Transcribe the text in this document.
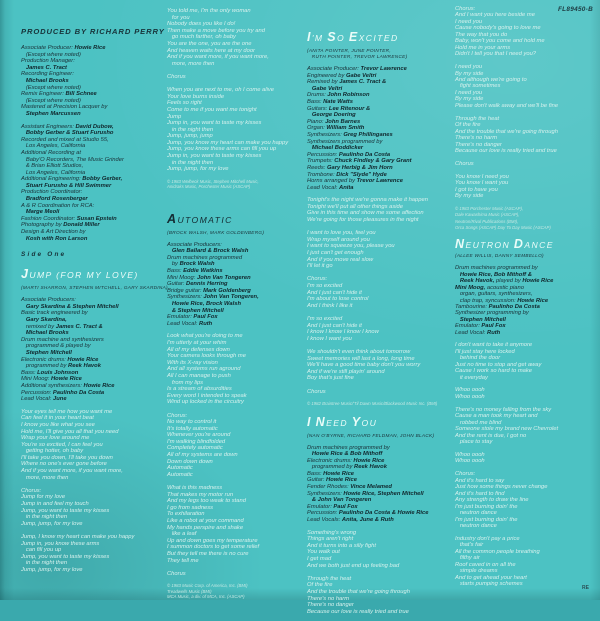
FL89450-B
PRODUCED BY RICHARD PERRY
Associate Producer: Howie Rice
(Except where noted)
Production Manager:
James C. Tract
Recording Engineer:
Michael Brooks
(Except where noted)
Remix Engineer: Bill Schnee
(Except where noted)
Mastered at Precision Lacquer by
Stephen Marcussen
Assistant Engineers: David Dubow,
Bobby Gerber & Stuart Furusho
Recorded and mixed at Studio 55,
Los Angeles, California
Additional Recording at
Baby'O Recorders, The Music Grinder
& Brian Elliott Studios,
Los Angeles, California
Additional Engineering: Bobby Gerber,
Stuart Furusho & Hill Swimmer
Production Coordinator:
Bradford Rosenberger
A & R Coordination for RCA:
Marge Meoli
Fashion Coordinator: Susan Epstein
Photography by Donald Miller
Design & Art Direction by
Kosh with Ron Larson
Side One
JUMP (FOR MY LOVE)
(MARTI SHARRON, STEPHEN MITCHELL, GARY SKARDINA)
Associate Producers:
Gary Skardina & Stephen Mitchell
Basic track engineered by
Gary Skardina,
remixed by James C. Tract &
Michael Brooks
Drum machine and synthesizers
programmed & played by
Stephen Mitchell
Electronic drums: Howie Rice
programmed by Reek Havok
Bass: Louis Johnson
Mini Moog: Howie Rice
Additional synthesizers: Howie Rice
Percussion: Paulinho Da Costa
Lead Vocal: June
Your eyes tell me how you want me
Can feel it in your heart beat
I know you like what you see
Hold me, I'll give you all that you need
Wrap your love around me
You're so excited, I can feel you
getting hotter, oh baby
I'll take you down, I'll take you down
Where no one's ever gone before
And if you want more, if you want more,
more, more then

Chorus:
Jump for my love
Jump in and feel my touch
Jump, you want to taste my kisses
in the night then
Jump, jump, for my love

Jump, I know my heart can make you happy
Jump in, you know these arms
can fill you up
Jump, you want to taste my kisses
in the night then
Jump, jump, for my love
You told me, I'm the only woman
for you
Nobody does you like I do!
Then make a move before you try and
go much farther, oh baby
You are the one, you are the one
And heaven waits here at my door
And if you want more, if you want more,
more, more then

Chorus

When you are next to me, oh I come alive
Your love burns inside
Feels so right
Come to me if you want me tonight
Jump
Jump in, you want to taste my kisses
in the night then
Jump, jump, jump
Jump, you know my heart can make you happy
Jump, you know these arms can fill you up
Jump in, you want to taste my kisses
in the night then
Jump, jump, for my love
© 1983 Welbeck Music, Stephen Mitchell Music,
Anidraks Music, Porchester Music (ASCAP)
AUTOMATIC
(BROCK WALSH, MARK GOLDENBERG)
Associate Producers:
Glen Ballard & Brock Walsh
Drum machines programmed
by Brock Walsh
Bass: Eddie Watkins
Mini Moog: John Van Tongeren
Guitar: Dennis Herring
Bridge guitar: Mark Goldenberg
Synthesizers: John Van Tongeren,
Howie Rice, Brock Walsh
& Stephen Mitchell
Emulator: Paul Fox
Lead Vocal: Ruth
Look what you're doing to me
I'm utterly at your whim
All of my defenses down
Your camera looks through me
With its X-ray vision
And all systems run aground
All I can manage to push
from my lips
Is a stream of absurdities
Every word I intended to speak
Wind up locked in the circuitry

Chorus:
No way to control it
It's totally automatic
Whenever you're around
I'm walking blindfolded
Completely automatic
All of my systems are down
Down down down
Automatic
Automatic

What is this madness
That makes my motor run
And my legs too weak to stand
I go from sadness
To exhilaration
Like a robot at your command
My hands perspire and shake
like a leaf
Up and down goes my temperature
I summon doctors to get some relief
But they tell me there is no cure
They tell me

Chorus
© 1983 Music Corp. of America, Inc. (BMI)
Treadwells Music (BMI)
MCA Music, a div. of MCA, Inc. (ASCAP)
I'M SO EXCITED
(ANITA POINTER, JUNE POINTER,
RUTH POINTER, TREVOR LAWRENCE)
Associate Producer: Trevor Lawrence
Engineered by Gabe Veltri
Remixed by James C. Tract &
Gabe Veltri
Drums: John Robinson
Bass: Nate Watts
Guitars: Lee Ritenour &
George Doering
Piano: John Barnes
Organ: William Smith
Synthesizers: Greg Phillinganes
Synthesizers programmed by
Michael Boddicker
Percussion: Paulinho Da Costa
Trumpets: Chuck Findley & Gary Grant
Reeds: Gary Herbig & Jim Horn
Trombone: Dick "Slyde" Hyde
Horns arranged by Trevor Lawrence
Lead Vocal: Anita
Tonight's the night we're gonna make it happen
Tonight we'll put all other things aside
Give in this time and show me some affection
We're going for those pleasures in the night

I want to love you, feel you
Wrap myself around you
I want to squeeze you, please you
I just can't get enough
And if you move real slow
I'll let it go

Chorus:
I'm so excited
And I just can't hide it
I'm about to lose control
And I think I like it

I'm so excited
And I just can't hide it
I know I know I know I know
I know I want you

We shouldn't even think about tomorrow
Sweet memories will last a long, long time
We'll have a good time baby don't you worry
And if we're still playin' around
Boy that's just fine

Chorus
© 1982 Braintree Music/'Til Dawn Music/Blackwood Music Inc. (BMI)
I NEED YOU
(NAN O'BYRNE, RICHARD FELDMAN, JOHN BLACK)
Drum machines programmed by
Howie Rice & Bob Mithoff
Electronic drums: Howie Rice
programmed by Reek Havok
Bass: Howie Rice
Guitar: Howie Rice
Fender Rhodes: Vince Melamed
Synthesizers: Howie Rice, Stephen Mitchell
& John Van Tongeren
Emulator: Paul Fox
Percussion: Paulinho Da Costa & Howie Rice
Lead Vocals: Anita, June & Ruth
Something's wrong
Things aren't right
And it turns into a silly fight
You walk out
I get mad
And we both just end up feeling bad

Through the heat
Of the fire
And the trouble that we're going through
There's no harm
There's no danger
Because our love is really tried and true
Chorus:
And I want you here beside me
I need you
Cause nobody's going to love me
The way that you do
Baby, won't you come and hold me
Hold me in your arms
Didn't I tell you that I need you?

I need you
By my side
And although we're going to
fight sometimes
I need you
By my side
Please don't walk away and we'll be fine

Through the heat
Of the fire
And the trouble that we're going through
There's no harm
There's no danger
Because our love is really tried and true

Chorus

You know I need you
You know I want you
I got to have you
By my side
© 1983 Porchester Music (ASCAP),
Dale Kawashima Music (ASCAP),
Neutron/Rival Publications (BMI),
Orca Songs (ASCAP) Day To Day Music (ASCAP)
NEUTRON DANCE
(ALLEE WILLIS, DANNY SEMBELLO)
Drum machines programmed by
Howie Rice, Bob Mithoff &
Reek Havok, played by Howie Rice
Mini Moog, acoustic piano
organ, guitars, synthesizers,
clap trap, syncussion: Howie Rice
Tambourine: Paulinho Da Costa
Synthesizer programming by
Stephen Mitchell
Emulator: Paul Fox
Lead Vocal: Ruth
I don't want to take it anymore
I'll just stay here locked
behind the door
Just no time to stop and get away
Cause I work so hard to make
it everyday

Whoo oooh
Whoo oooh

There's no money falling from the sky
Cause a man took my heart and
robbed me blind
Someone stole my brand new Chevrolet
And the rent is due, I got no
place to stay

Whoo oooh
Whoo oooh

Chorus:
And it's hard to say
Just how some things never change
And it's hard to find
Any strength to draw the line
I'm just burning doin' the
neutron dance
I'm just burning doin' the
neutron dance

Industry don't pay a price
that's fair
All the common people breathing
filthy air
Roof caved in on all the
simple dreams
And to get ahead your heart
starts pumping schemes
RE
